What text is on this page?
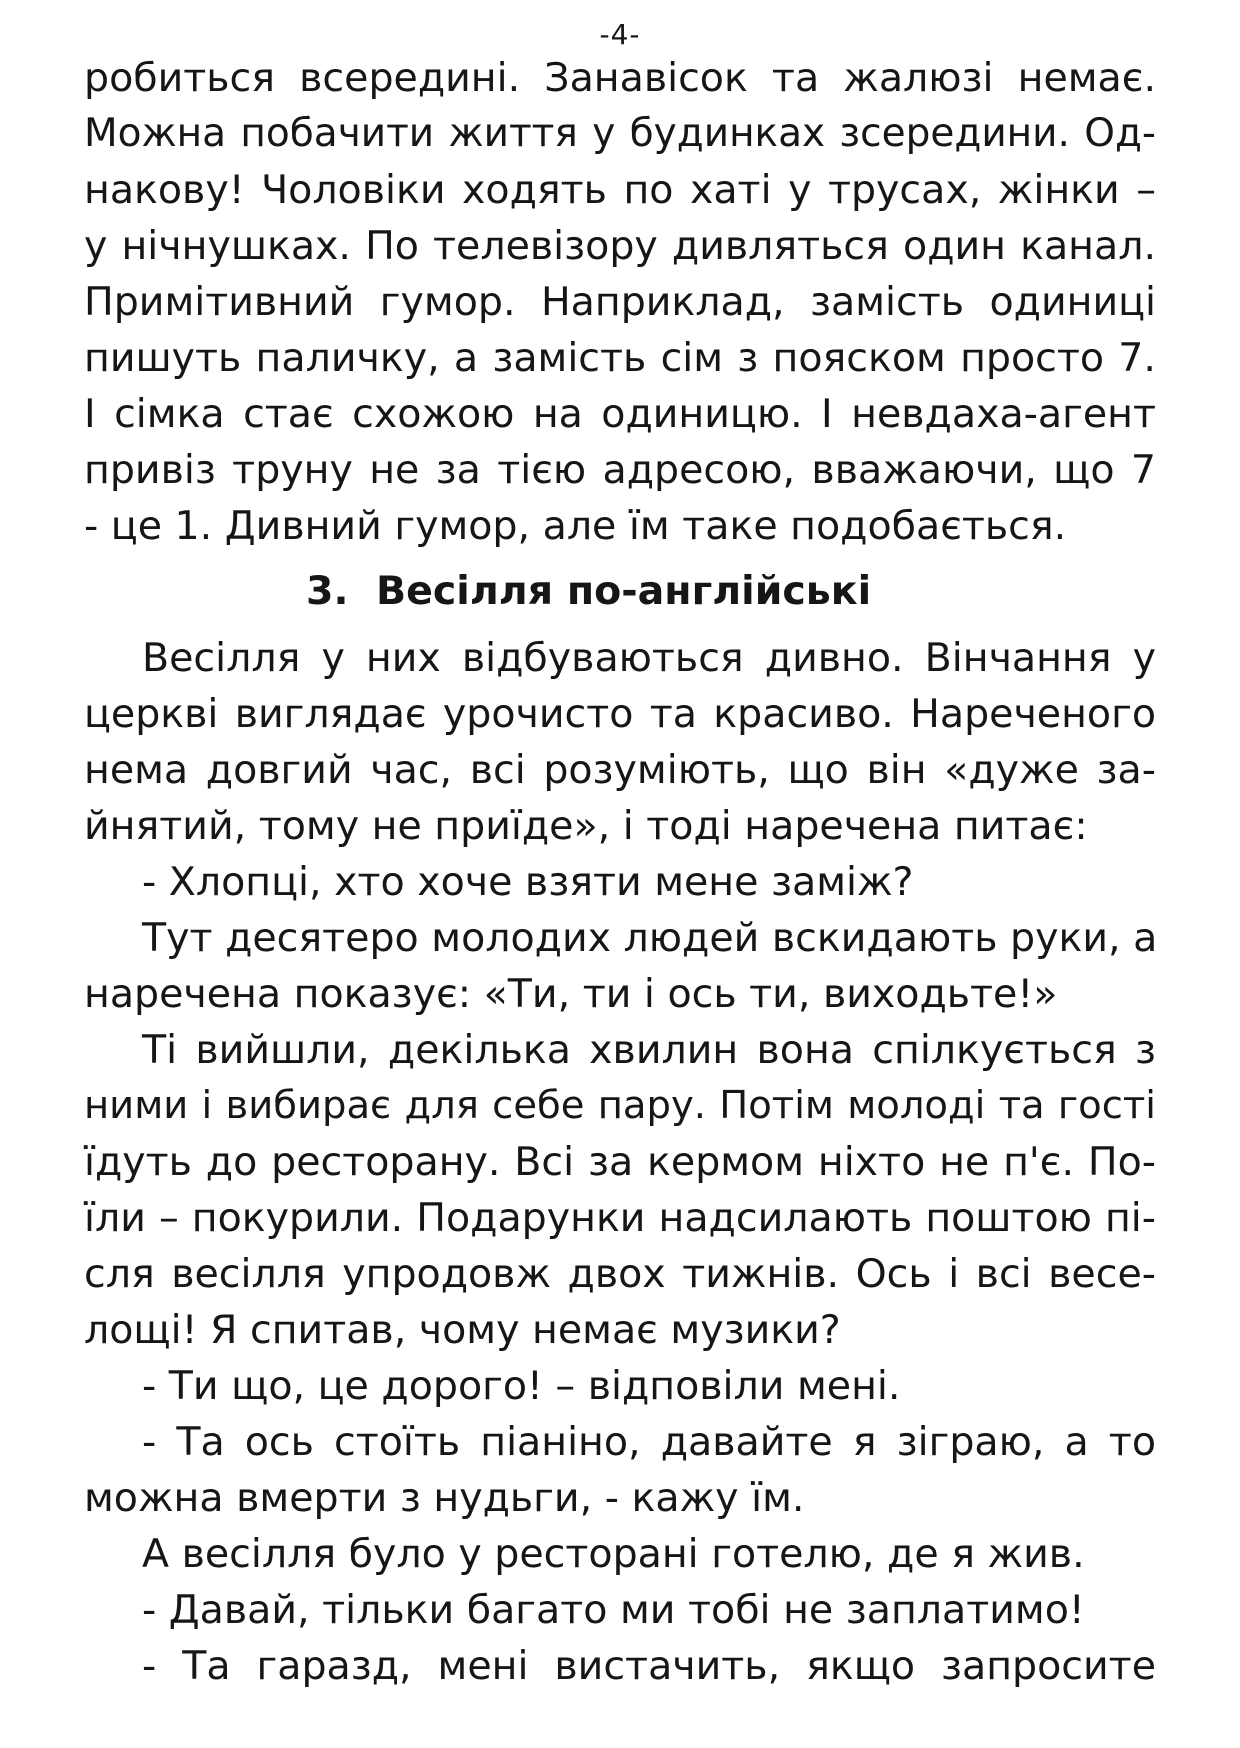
-4-
робиться всередині. Занавісок та жалюзі немає.
Можна побачити життя у будинках зсередини. Од-
накову! Чоловіки ходять по хаті у трусах, жінки –
у нічнушках. По телевізору дивляться один канал.
Примітивний гумор. Наприклад, замість одиниці
пишуть паличку, а замість сім з пояском просто 7.
І сімка стає схожою на одиницю. І невдаха-агент
привіз труну не за тією адресою, вважаючи, що 7
- це 1. Дивний гумор, але їм таке подобається.
3. Весілля по-англійські
Весілля у них відбуваються дивно. Вінчання у
церкві виглядає урочисто та красиво. Нареченого
нема довгий час, всі розуміють, що він «дуже за-
йнятий, тому не приїде», і тоді наречена питає:
- Хлопці, хто хоче взяти мене заміж?
Тут десятеро молодих людей вскидають руки, а
наречена показує: «Ти, ти і ось ти, виходьте!»
Ті вийшли, декілька хвилин вона спілкується з
ними і вибирає для себе пару. Потім молоді та гості
їдуть до ресторану. Всі за кермом ніхто не п'є. По-
їли – покурили. Подарунки надсилають поштою пі-
сля весілля упродовж двох тижнів. Ось і всі весе-
лощі! Я спитав, чому немає музики?
- Ти що, це дорого! – відповіли мені.
- Та ось стоїть піаніно, давайте я зіграю, а то
можна вмерти з нудьги, - кажу їм.
А весілля було у ресторані готелю, де я жив.
- Давай, тільки багато ми тобі не заплатимо!
- Та гаразд, мені вистачить, якщо запросите
